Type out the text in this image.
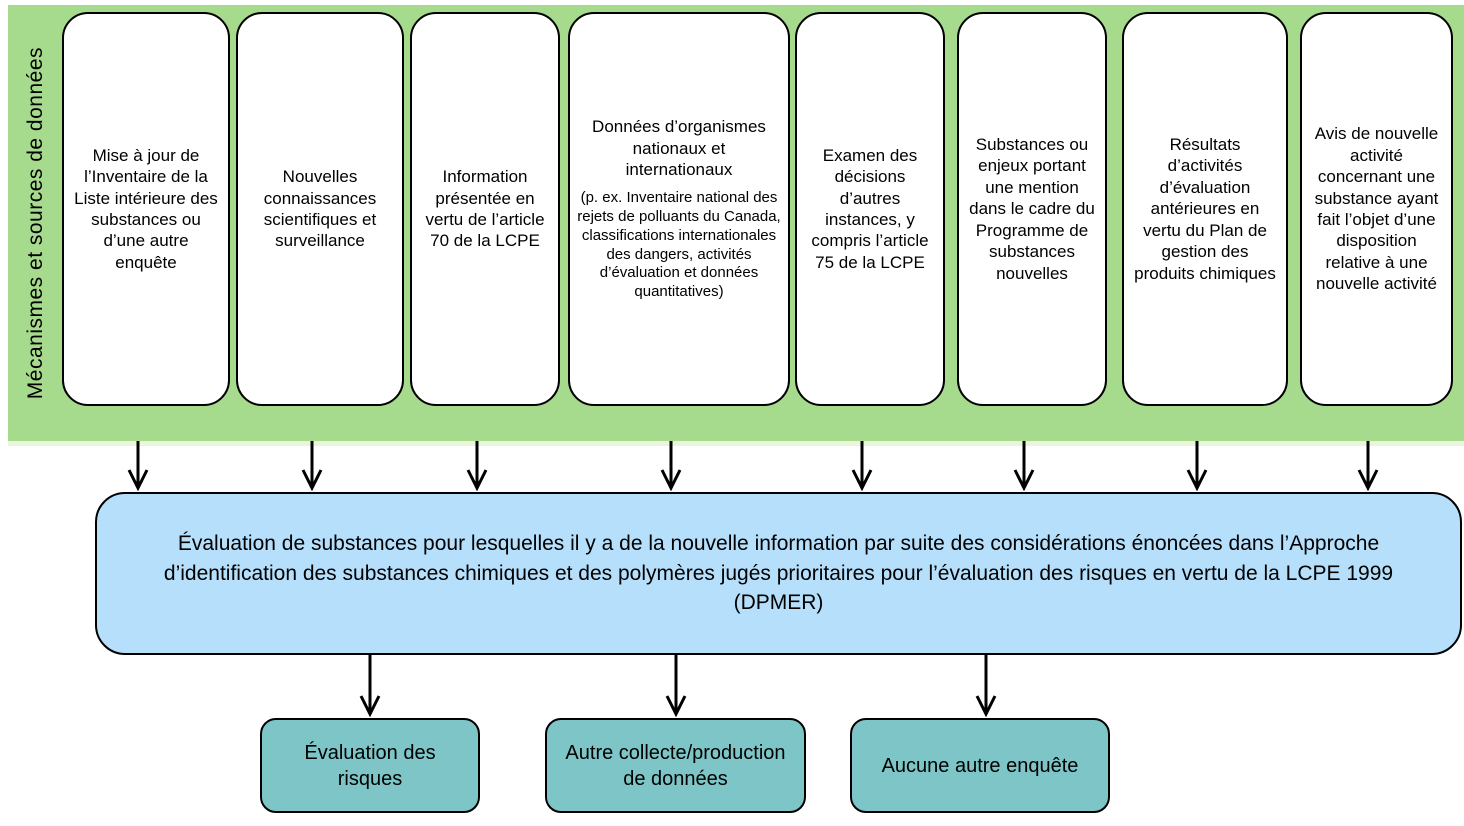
Mécanismes et sources de données	Mise à jour de l’Inventaire de la Liste intérieure des substances ou d’une autre enquête

Nouvelles connaissances scientifiques et surveillance

Information présentée en vertu de l’article 70 de la LCPE

Données d’organismes nationaux et internationaux

(p. ex. Inventaire national des rejets de polluants du Canada, classifications internationales des dangers, activités d’évaluation et données quantitatives)

Examen des décisions d’autres instances, y compris l’article 75 de la LCPE

Substances ou enjeux portant une mention dans le cadre du Programme de substances nouvelles

Résultats d’activités d’évaluation antérieures en vertu du Plan de gestion des produits chimiques

Avis de nouvelle activité concernant une substance ayant fait l’objet d’une disposition relative à une nouvelle activité

Évaluation de substances pour lesquelles il y a de la nouvelle information par suite des considérations énoncées dans l’Approche d’identification des substances chimiques et des polymères jugés prioritaires pour l’évaluation des risques en vertu de la LCPE 1999 (DPMER)

Évaluation des risques

Autre collecte/production de données

Aucune autre enquête
